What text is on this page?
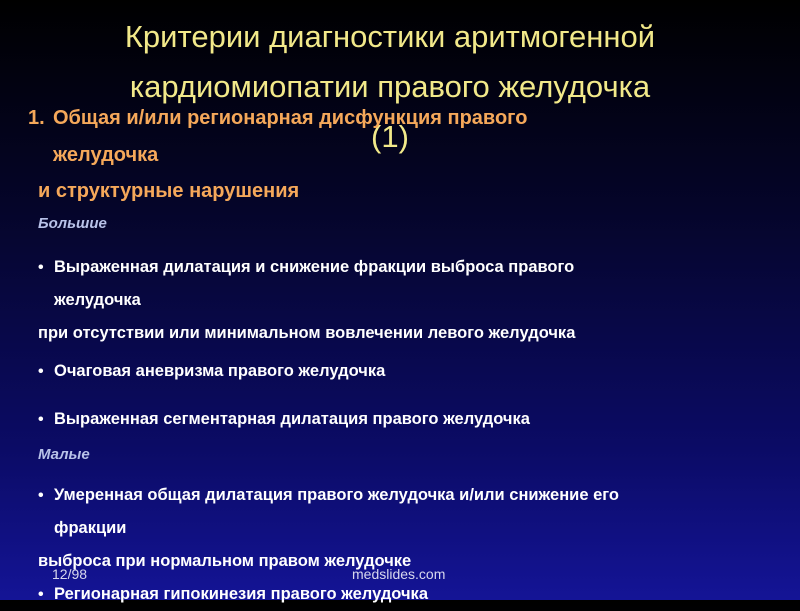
Критерии диагностики аритмогенной
кардиомиопатии правого желудочка
(1)
1. Общая и/или регионарная дисфункция правого
желудочка
и структурные нарушения
Большие
• Выраженная дилатация и снижение фракции выброса правого
желудочка
при отсутствии или минимальном вовлечении левого желудочка
• Очаговая аневризма правого желудочка
• Выраженная сегментарная дилатация правого желудочка
Малые
• Умеренная общая дилатация правого желудочка и/или снижение его
фракции
выброса при нормальном правом желудочке
• Регионарная гипокинезия правого желудочка
12/98	medslides.com
